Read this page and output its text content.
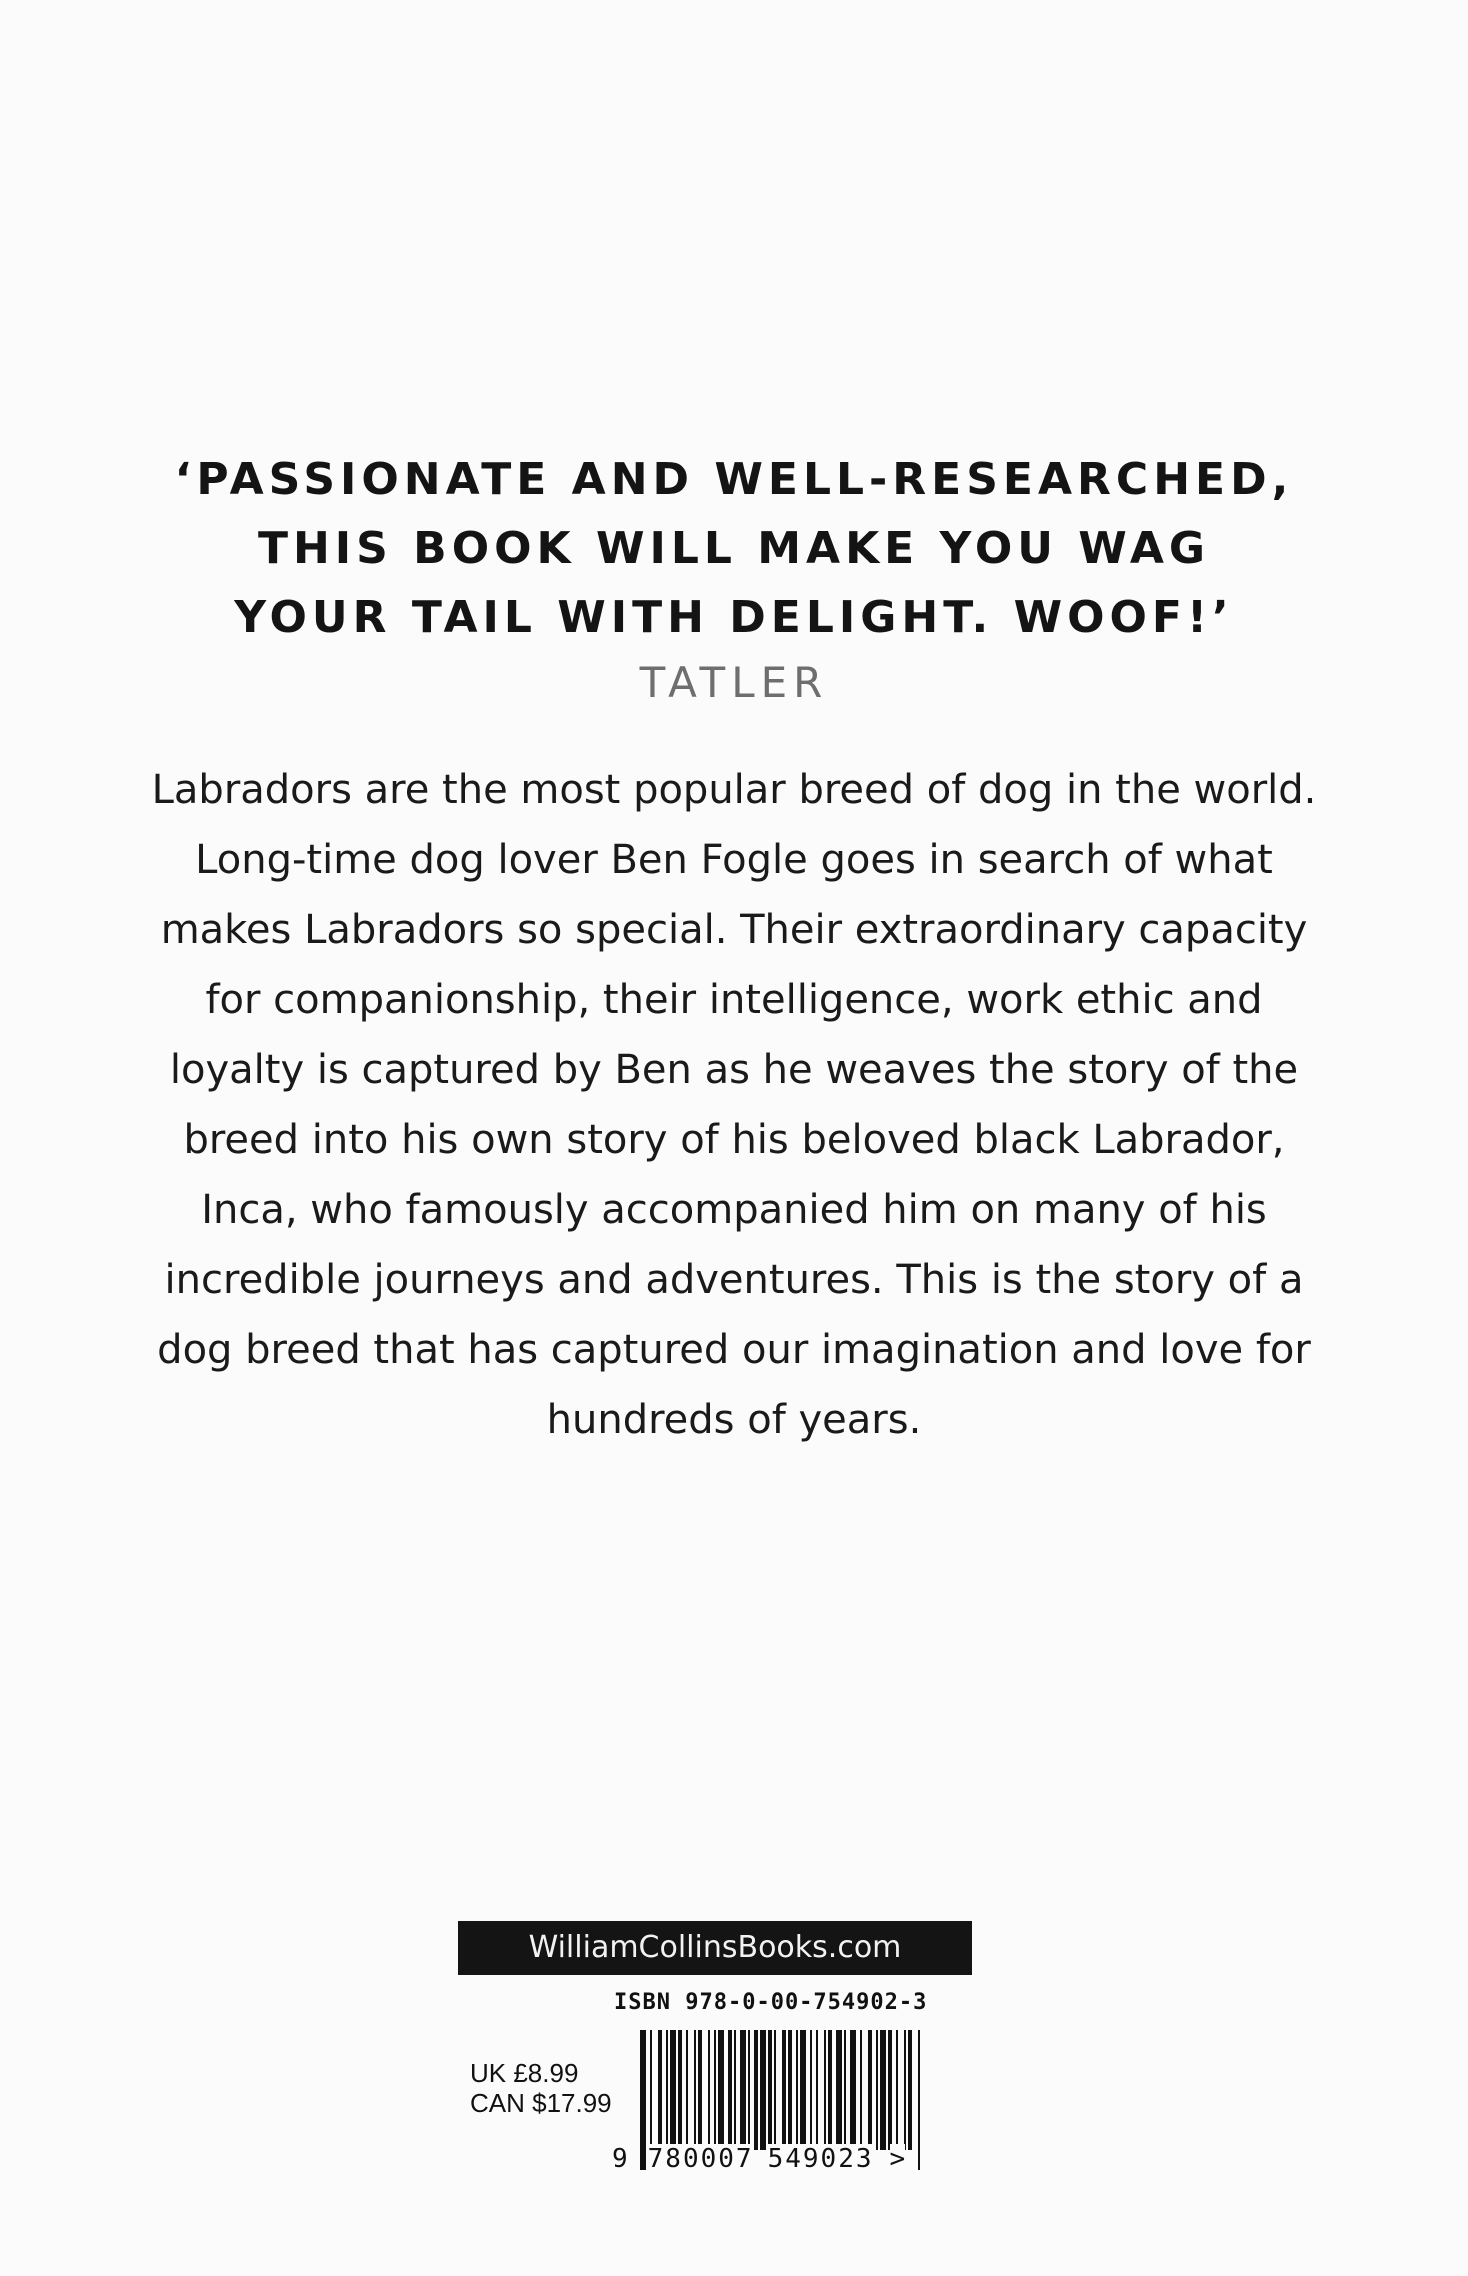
‘PASSIONATE AND WELL-RESEARCHED,
THIS BOOK WILL MAKE YOU WAG
YOUR TAIL WITH DELIGHT. WOOF!’
TATLER
Labradors are the most popular breed of dog in the world.
Long-time dog lover Ben Fogle goes in search of what
makes Labradors so special. Their extraordinary capacity
for companionship, their intelligence, work ethic and
loyalty is captured by Ben as he weaves the story of the
breed into his own story of his beloved black Labrador,
Inca, who famously accompanied him on many of his
incredible journeys and adventures. This is the story of a
dog breed that has captured our imagination and love for
hundreds of years.
WilliamCollinsBooks.com
ISBN 978-0-00-754902-3
UK £8.99
CAN $17.99
9 780007 549023 >
